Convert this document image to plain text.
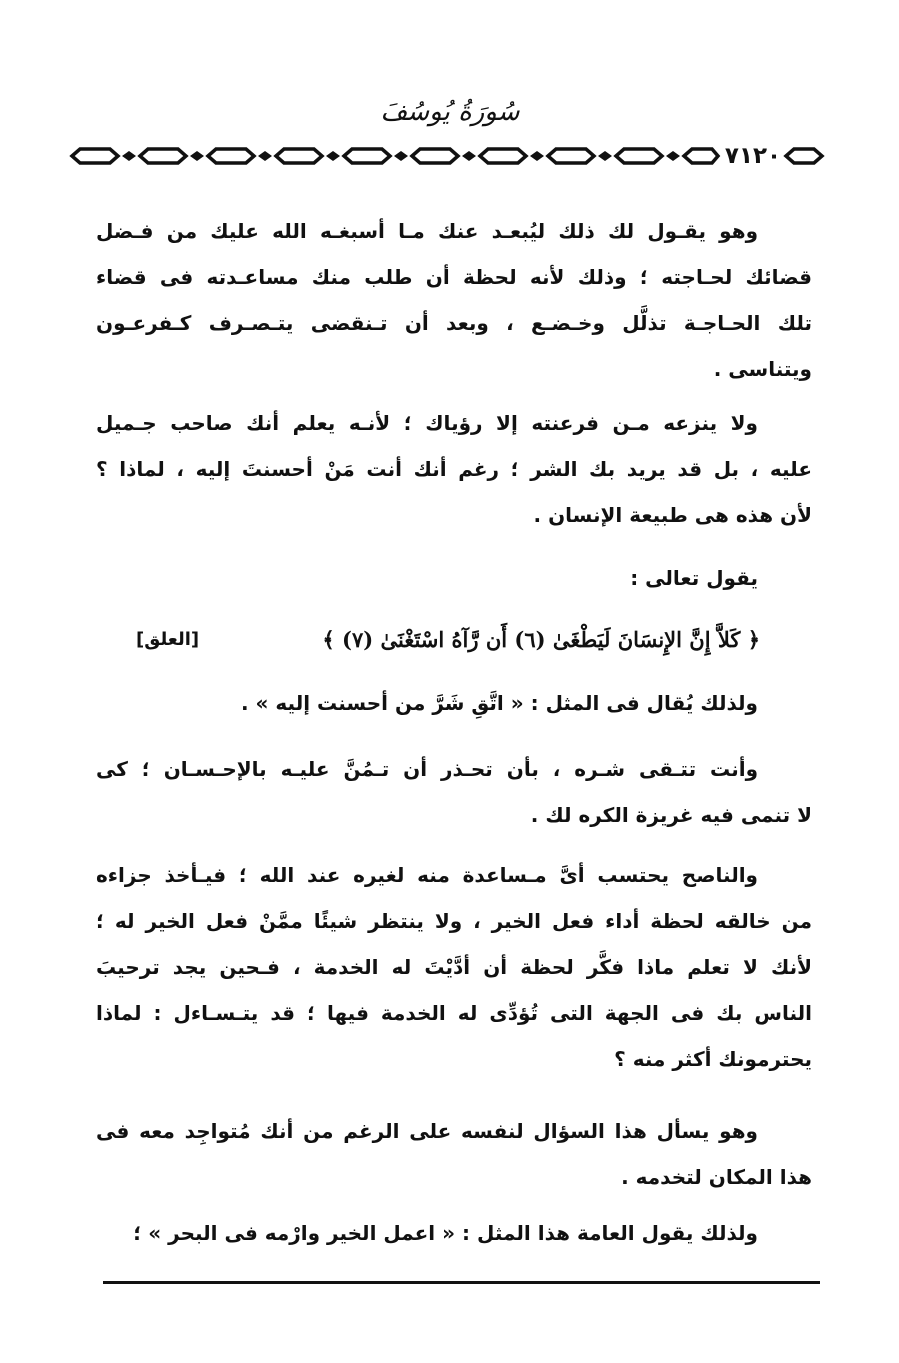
سُورَةُ يُوسُفَ
٧١٢٠
وهو يقـول لك ذلك ليُبعـد عنك مـا أسبغـه الله عليك من فـضل
قضائك لحـاجته ؛ وذلك لأنه لحظة أن طلب منك مساعـدته فى قضاء
تلك الحـاجـة تذلَّل وخـضـع ، وبعد أن تـنقضى يتـصـرف كـفرعـون
ويتناسى .
ولا ينزعه مـن فرعنته إلا رؤياك ؛ لأنـه يعلم أنك صاحب جـميل
عليه ، بل قد يريد بك الشر ؛ رغم أنك أنت مَنْ أحسنتَ إليه ، لماذا ؟
لأن هذه هى طبيعة الإنسان .
يقول تعالى :
﴿ كَلاَّ إِنَّ الإِنسَانَ لَيَطْغَىٰ (٦) أَن رَّآهُ اسْتَغْنَىٰ (٧) ﴾
[العلق]
ولذلك يُقال فى المثل : « اتَّقِ شَرَّ من أحسنت إليه » .
وأنت تتـقى شـره ، بأن تحـذر أن تـمُنَّ عليـه بالإحـسـان ؛ كى
لا تنمى فيه غريزة الكره لك .
والناصح يحتسب أىَّ مـساعدة منه لغيره عند الله ؛ فيـأخذ جزاءه
من خالقه لحظة أداء فعل الخير ، ولا ينتظر شيئًا ممَّنْ فعل الخير له ؛
لأنك لا تعلم ماذا فكَّر لحظة أن أدَّيْتَ له الخدمة ، فـحين يجد ترحيبَ
الناس بك فى الجهة التى تُؤدِّى له الخدمة فيها ؛ قد يتـسـاءل : لماذا
يحترمونك أكثر منه ؟
وهو يسأل هذا السؤال لنفسه على الرغم من أنك مُتواجِد معه فى
هذا المكان لتخدمه .
ولذلك يقول العامة هذا المثل : « اعمل الخير وارْمه فى البحر » ؛
